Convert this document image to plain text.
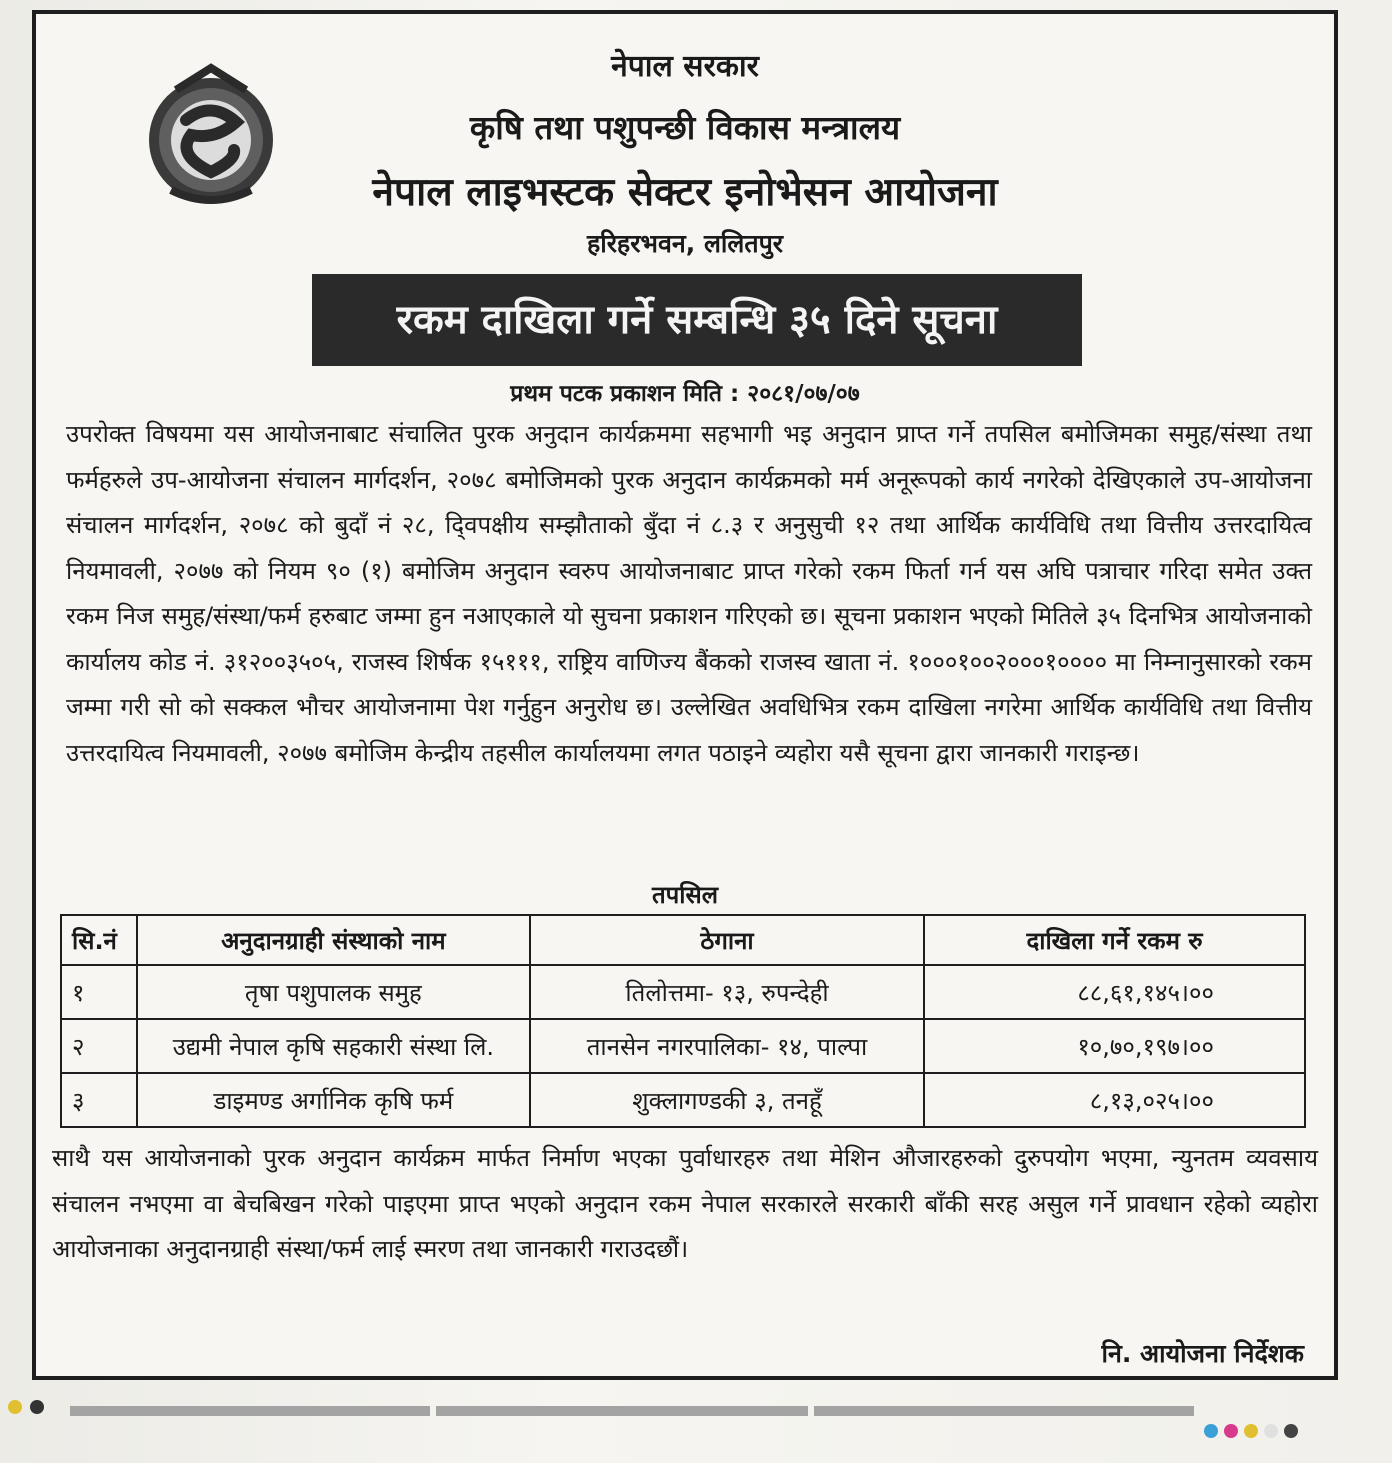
नेपाल सरकार
कृषि तथा पशुपन्छी विकास मन्त्रालय
नेपाल लाइभस्टक सेक्टर इनोभेसन आयोजना
हरिहरभवन, ललितपुर
रकम दाखिला गर्ने सम्बन्धि ३५ दिने सूचना
प्रथम पटक प्रकाशन मिति : २०८१/०७/०७
उपरोक्त विषयमा यस आयोजनाबाट संचालित पुरक अनुदान कार्यक्रममा सहभागी भइ अनुदान प्राप्त गर्ने तपसिल बमोजिमका समुह/संस्था तथा फर्महरुले उप-आयोजना संचालन मार्गदर्शन, २०७८ बमोजिमको पुरक अनुदान कार्यक्रमको मर्म अनूरूपको कार्य नगरेको देखिएकाले उप-आयोजना संचालन मार्गदर्शन, २०७८ को बुदाँ नं २८, दि्वपक्षीय सम्झौताको बुँदा नं ८.३ र अनुसुची १२ तथा आर्थिक कार्यविधि तथा वित्तीय उत्तरदायित्व नियमावली, २०७७ को नियम ९० (१) बमोजिम अनुदान स्वरुप आयोजनाबाट प्राप्त गरेको रकम फिर्ता गर्न यस अघि पत्राचार गरिदा समेत उक्त रकम निज समुह/संस्था/फर्म हरुबाट जम्मा हुन नआएकाले यो सुचना प्रकाशन गरिएको छ। सूचना प्रकाशन भएको मितिले ३५ दिनभित्र आयोजनाको कार्यालय कोड नं. ३१२००३५०५, राजस्व शिर्षक १५१११, राष्ट्रिय वाणिज्य बैंकको राजस्व खाता नं. १०००१००२०००१०००० मा निम्नानुसारको रकम जम्मा गरी सो को सक्कल भौचर आयोजनामा पेश गर्नुहुन अनुरोध छ। उल्लेखित अवधिभित्र रकम दाखिला नगरेमा आर्थिक कार्यविधि तथा वित्तीय उत्तरदायित्व नियमावली, २०७७ बमोजिम केन्द्रीय तहसील कार्यालयमा लगत पठाइने व्यहोरा यसै सूचना द्वारा जानकारी गराइन्छ।
तपसिल
सि.नं	अनुदानग्राही संस्थाको नाम	ठेगाना	दाखिला गर्ने रकम रु
१	तृषा पशुपालक समुह	तिलोत्तमा- १३, रुपन्देही	८८,६१,१४५।००
२	उद्यमी नेपाल कृषि सहकारी संस्था लि.	तानसेन नगरपालिका- १४, पाल्पा	१०,७०,१९७।००
३	डाइमण्ड अर्गानिक कृषि फर्म	शुक्लागण्डकी ३, तनहूँ	८,१३,०२५।००
साथै यस आयोजनाको पुरक अनुदान कार्यक्रम मार्फत निर्माण भएका पुर्वाधारहरु तथा मेशिन औजारहरुको दुरुपयोग भएमा, न्युनतम व्यवसाय संचालन नभएमा वा बेचबिखन गरेको पाइएमा प्राप्त भएको अनुदान रकम नेपाल सरकारले सरकारी बाँकी सरह असुल गर्ने प्रावधान रहेको व्यहोरा आयोजनाका अनुदानग्राही संस्था/फर्म लाई स्मरण तथा जानकारी गराउदछौं।
नि. आयोजना निर्देशक
